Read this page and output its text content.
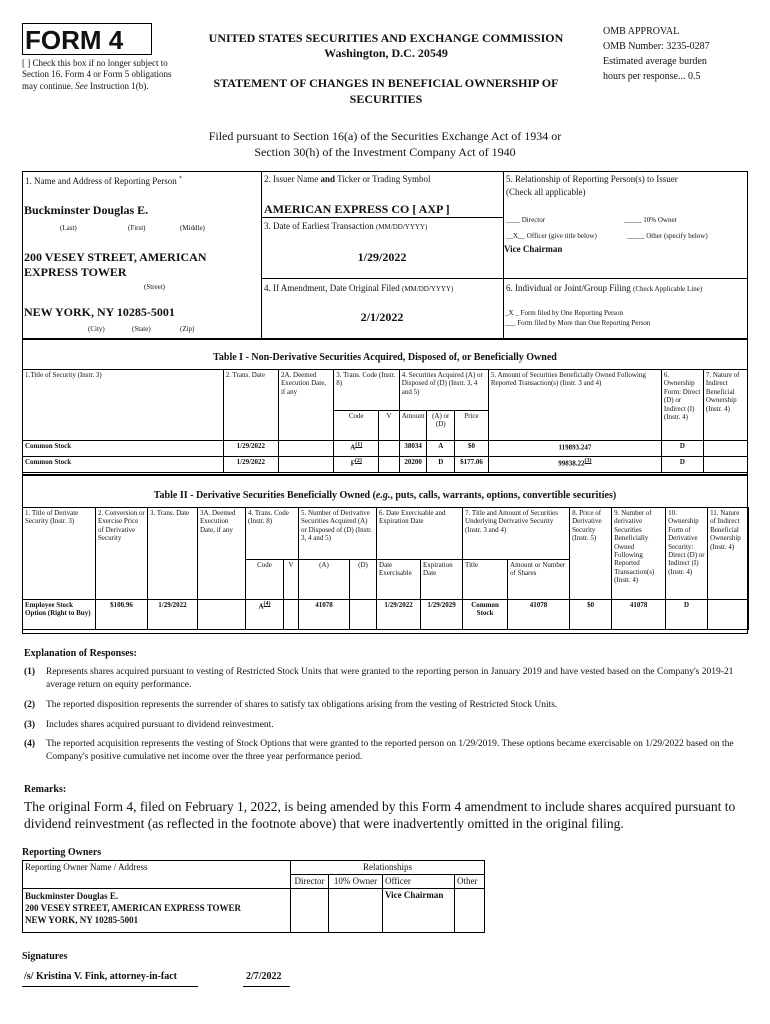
FORM 4
[ ] Check this box if no longer subject to Section 16. Form 4 or Form 5 obligations may continue. See Instruction 1(b).
UNITED STATES SECURITIES AND EXCHANGE COMMISSION
Washington, D.C. 20549
STATEMENT OF CHANGES IN BENEFICIAL OWNERSHIP OF
SECURITIES
OMB APPROVAL
OMB Number: 3235-0287
Estimated average burden
hours per response... 0.5
Filed pursuant to Section 16(a) of the Securities Exchange Act of 1934 or
Section 30(h) of the Investment Company Act of 1940
1. Name and Address of Reporting Person *
Buckminster Douglas E.
(Last)	(First)	(Middle)
200 VESEY STREET, AMERICAN
EXPRESS TOWER
(Street)
NEW YORK, NY 10285-5001
(City)	(State)	(Zip)
2. Issuer Name and Ticker or Trading Symbol
AMERICAN EXPRESS CO [ AXP ]
3. Date of Earliest Transaction (MM/DD/YYYY)
1/29/2022
4. If Amendment, Date Original Filed (MM/DD/YYYY)
2/1/2022
5. Relationship of Reporting Person(s) to Issuer
(Check all applicable)
____ Director	_____ 10% Owner
__X__ Officer (give title below)	_____ Other (specify below)
Vice Chairman
6. Individual or Joint/Group Filing (Check Applicable Line)
_X _ Form filed by One Reporting Person
___ Form filed by More than One Reporting Person
Table I - Non-Derivative Securities Acquired, Disposed of, or Beneficially Owned
1.Title of Security (Instr. 3)	2. Trans. Date	2A. Deemed Execution Date, if any	3. Trans. Code (Instr. 8)		4. Securities Acquired (A) or Disposed of (D) (Instr. 3, 4 and 5)			5. Amount of Securities Beneficially Owned Following Reported Transaction(s) (Instr. 3 and 4)	6. Ownership Form: Direct (D) or Indirect (I) (Instr. 4)	7. Nature of Indirect Beneficial Ownership (Instr. 4)
			Code	V	Amount	(A) or (D)	Price			
Common Stock	1/29/2022		$A^{(1)}$		38034	A	$0	119893.247	D	
Common Stock	1/29/2022		$F^{(2)}$		20200	D	$177.06	99838.22$^{(3)}$	D	
Table II - Derivative Securities Beneficially Owned (e.g., puts, calls, warrants, options, convertible securities)
1. Title of Derivate Security (Instr. 3)	2. Conversion or Exercise Price of Derivative Security	3. Trans. Date	3A. Deemed Execution Date, if any	4. Trans. Code (Instr. 8)		5. Number of Derivative Securities Acquired (A) or Disposed of (D) (Instr. 3, 4 and 5)		6. Date Exercisable and Expiration Date		7. Title and Amount of Securities Underlying Derivative Security (Instr. 3 and 4)		8. Price of Derivative Security (Instr. 5)	9. Number of derivative Securities Beneficially Owned Following Reported Transaction(s) (Instr. 4)	10. Ownership Form of Derivative Security: Direct (D) or Indirect (I) (Instr. 4)	11. Nature of Indirect Beneficial Ownership (Instr. 4)
				Code	V	(A)	(D)	Date Exercisable	Expiration Date	Title	Amount or Number of Shares				
Employee Stock Option (Right to Buy)	$100.96	1/29/2022		$A^{(4)}$		41078		1/29/2022	1/29/2029	Common Stock	41078	$0	41078	D	
Explanation of Responses:
(1) Represents shares acquired pursuant to vesting of Restricted Stock Units that were granted to the reporting person in January 2019 and have vested based on the Company's 2019-21 average return on equity performance.
(2) The reported disposition represents the surrender of shares to satisfy tax obligations arising from the vesting of Restricted Stock Units.
(3) Includes shares acquired pursuant to dividend reinvestment.
(4) The reported acquisition represents the vesting of Stock Options that were granted to the reported person on 1/29/2019. These options became exercisable on 1/29/2022 based on the Company's positive cumulative net income over the three year performance period.
Remarks:
The original Form 4, filed on February 1, 2022, is being amended by this Form 4 amendment to include shares acquired pursuant to dividend reinvestment (as reflected in the footnote above) that were inadvertently omitted in the original filing.
Reporting Owners
Reporting Owner Name / Address	Relationships			
	Director	10% Owner	Officer	Other

Buckminster Douglas E.
200 VESEY STREET, AMERICAN EXPRESS TOWER
NEW YORK, NY 10285-5001			Vice Chairman	
Signatures
/s/ Kristina V. Fink, attorney-in-fact	2/7/2022
